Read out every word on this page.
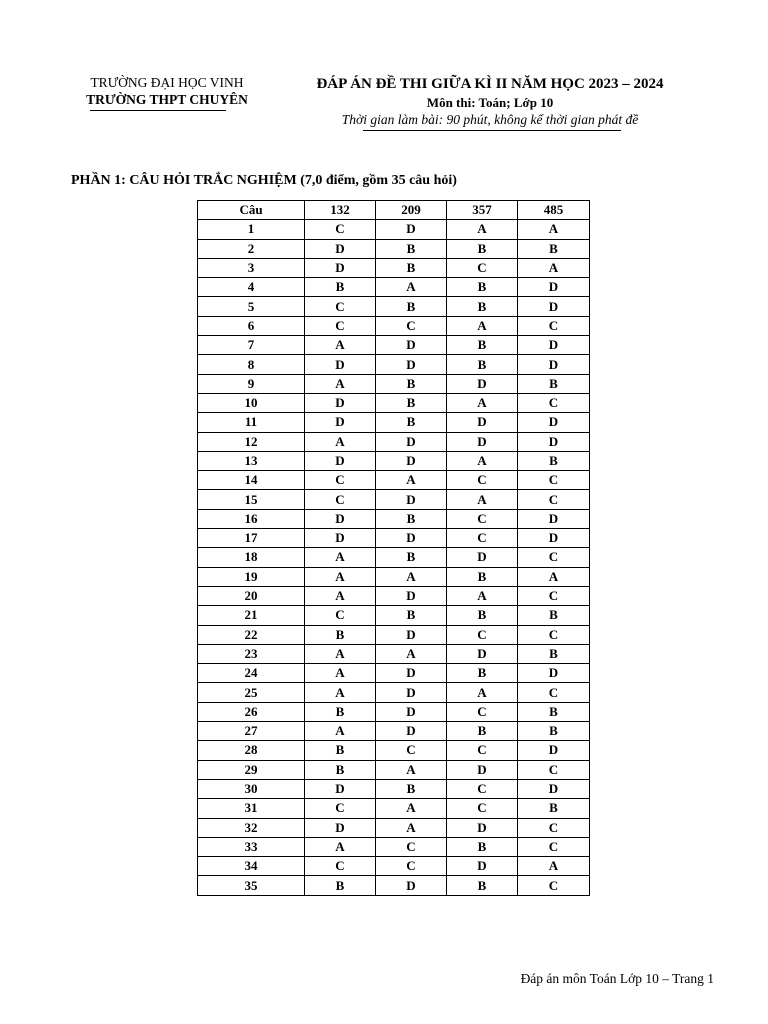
TRƯỜNG ĐẠI HỌC VINH
TRƯỜNG THPT CHUYÊN
ĐÁP ÁN ĐỀ THI GIỮA KÌ II NĂM HỌC 2023 – 2024
Môn thi: Toán; Lớp 10
Thời gian làm bài: 90 phút, không kể thời gian phát đề
PHẦN 1: CÂU HỎI TRẮC NGHIỆM (7,0 điểm, gồm 35 câu hỏi)
Câu	132	209	357	485
1	C	D	A	A
2	D	B	B	B
3	D	B	C	A
4	B	A	B	D
5	C	B	B	D
6	C	C	A	C
7	A	D	B	D
8	D	D	B	D
9	A	B	D	B
10	D	B	A	C
11	D	B	D	D
12	A	D	D	D
13	D	D	A	B
14	C	A	C	C
15	C	D	A	C
16	D	B	C	D
17	D	D	C	D
18	A	B	D	C
19	A	A	B	A
20	A	D	A	C
21	C	B	B	B
22	B	D	C	C
23	A	A	D	B
24	A	D	B	D
25	A	D	A	C
26	B	D	C	B
27	A	D	B	B
28	B	C	C	D
29	B	A	D	C
30	D	B	C	D
31	C	A	C	B
32	D	A	D	C
33	A	C	B	C
34	C	C	D	A
35	B	D	B	C
Đáp án môn Toán Lớp 10 – Trang 1
